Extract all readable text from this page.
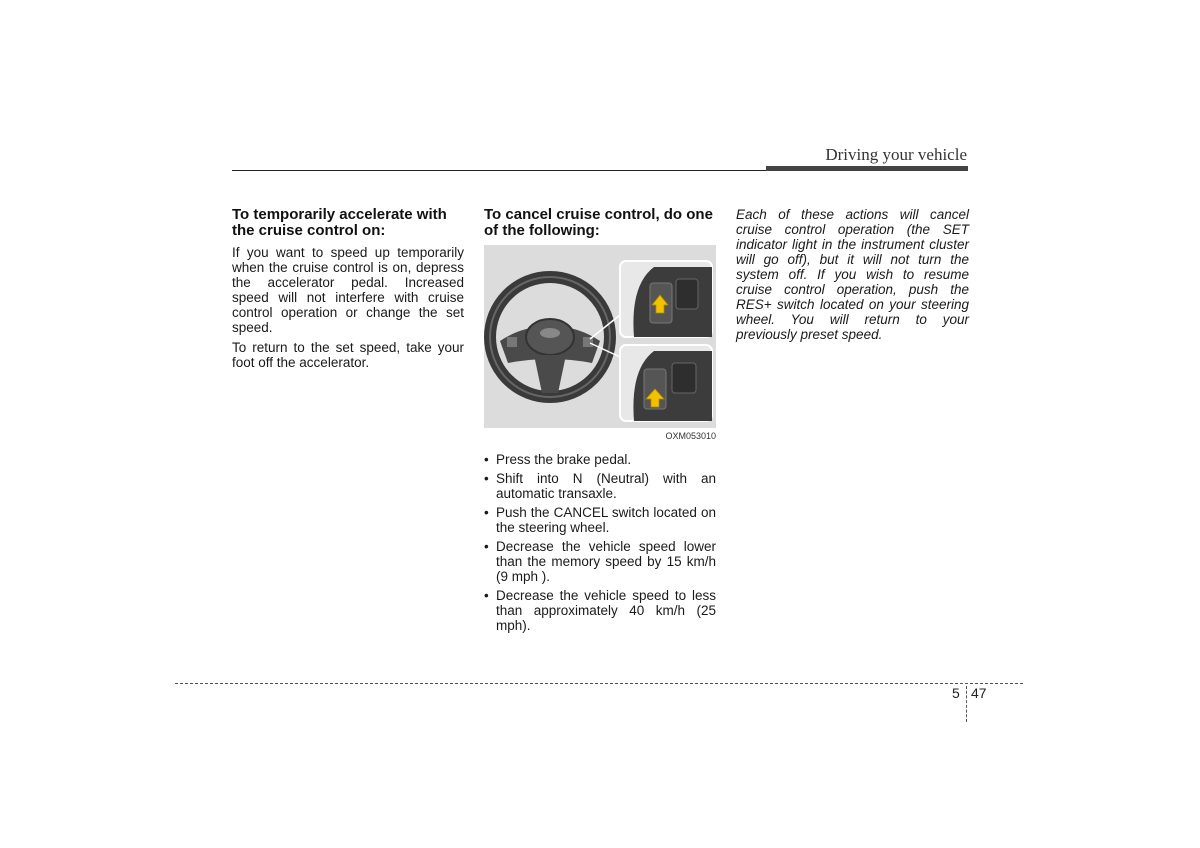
Driving your vehicle
To temporarily accelerate with the cruise control on:

If you want to speed up temporarily when the cruise control is on, depress the accelerator pedal. Increased speed will not interfere with cruise control operation or change the set speed.

To return to the set speed, take your foot off the accelerator.

To cancel cruise control, do one of the following:
OXM053010
• Press the brake pedal.
• Shift into N (Neutral) with an automatic transaxle.
• Push the CANCEL switch located on the steering wheel.
• Decrease the vehicle speed lower than the memory speed by 15 km/h (9 mph ).
• Decrease the vehicle speed to less than approximately 40 km/h (25 mph).

Each of these actions will cancel cruise control operation (the SET indicator light in the instrument cluster will go off), but it will not turn the system off. If you wish to resume cruise control operation, push the RES+ switch located on your steering wheel. You will return to your previously preset speed.

5 47
